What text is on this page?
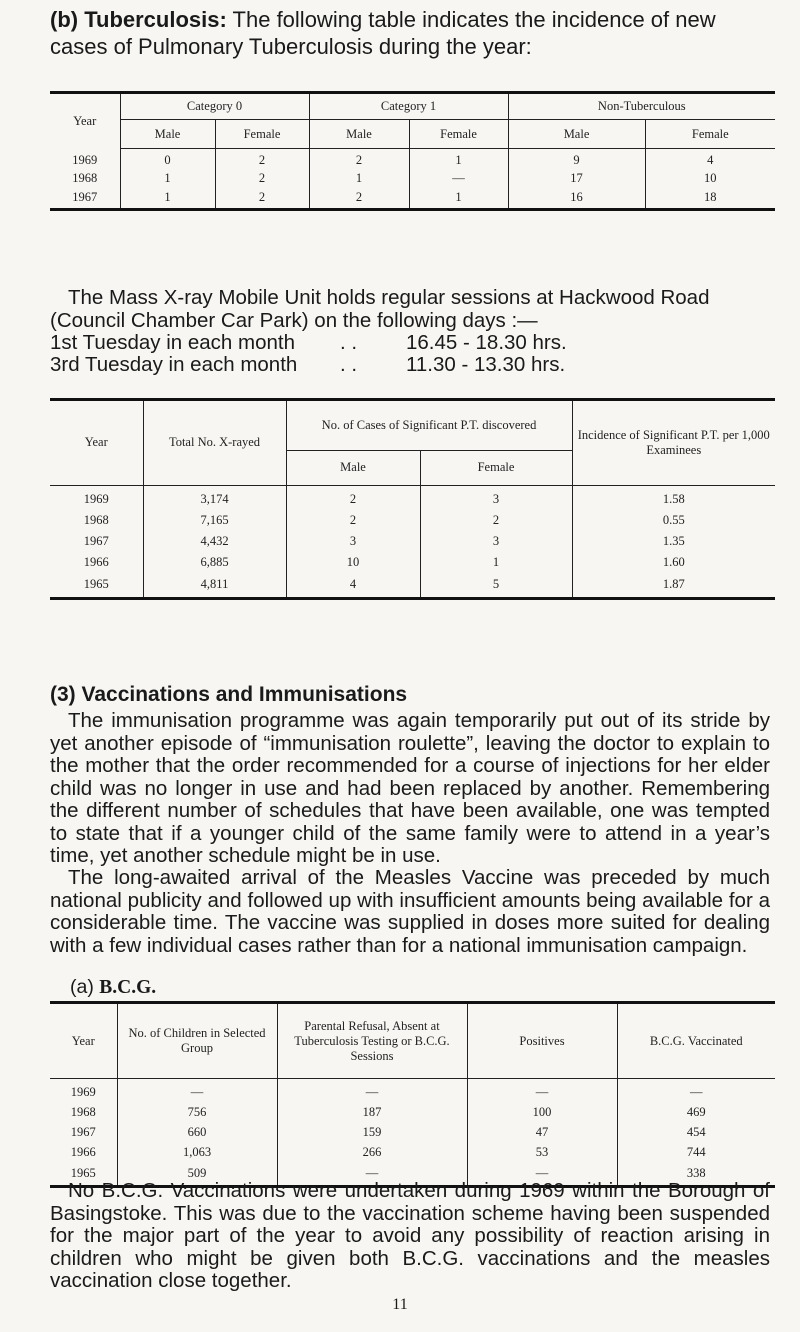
(b) Tuberculosis: The following table indicates the incidence of new cases of Pulmonary Tuberculosis during the year:

Year	Category 0		Category 1		Non-Tuberculous	
	Male	Female	Male	Female	Male	Female

1969	0	2	2	1	9	4
1968	1	2	1	—	17	10
1967	1	2	2	1	16	18

The Mass X-ray Mobile Unit holds regular sessions at Hackwood Road (Council Chamber Car Park) on the following days :—

1st Tuesday in each month . . 16.45 - 18.30 hrs.
3rd Tuesday in each month . . 11.30 - 13.30 hrs.
Year	Total No. X-rayed	No. of Cases of Significant P.T. discovered		Incidence of Significant P.T. per 1,000 Examinees
		Male	Female	

1969	3,174	2	3	1.58
1968	7,165	2	2	0.55
1967	4,432	3	3	1.35
1966	6,885	10	1	1.60
1965	4,811	4	5	1.87
(3) Vaccinations and Immunisations

The immunisation programme was again temporarily put out of its stride by yet another episode of “immunisation roulette”, leaving the doctor to explain to the mother that the order recommended for a course of injections for her elder child was no longer in use and had been replaced by another. Remembering the different number of schedules that have been available, one was tempted to state that if a younger child of the same family were to attend in a year’s time, yet another schedule might be in use.

The long-awaited arrival of the Measles Vaccine was preceded by much national publicity and followed up with insufficient amounts being available for a considerable time. The vaccine was supplied in doses more suited for dealing with a few individual cases rather than for a national immunisation campaign.

(a) B.C.G.

Year	No. of Children in Selected Group	Parental Refusal, Absent at Tuberculosis Testing or B.C.G. Sessions	Positives	B.C.G. Vaccinated

1969	—	—	—	—
1968	756	187	100	469
1967	660	159	47	454
1966	1,063	266	53	744
1965	509	—	—	338

No B.C.G. Vaccinations were undertaken during 1969 within the Borough of Basingstoke. This was due to the vaccination scheme having been suspended for the major part of the year to avoid any possibility of reaction arising in children who might be given both B.C.G. vaccinations and the measles vaccination close together.

11
